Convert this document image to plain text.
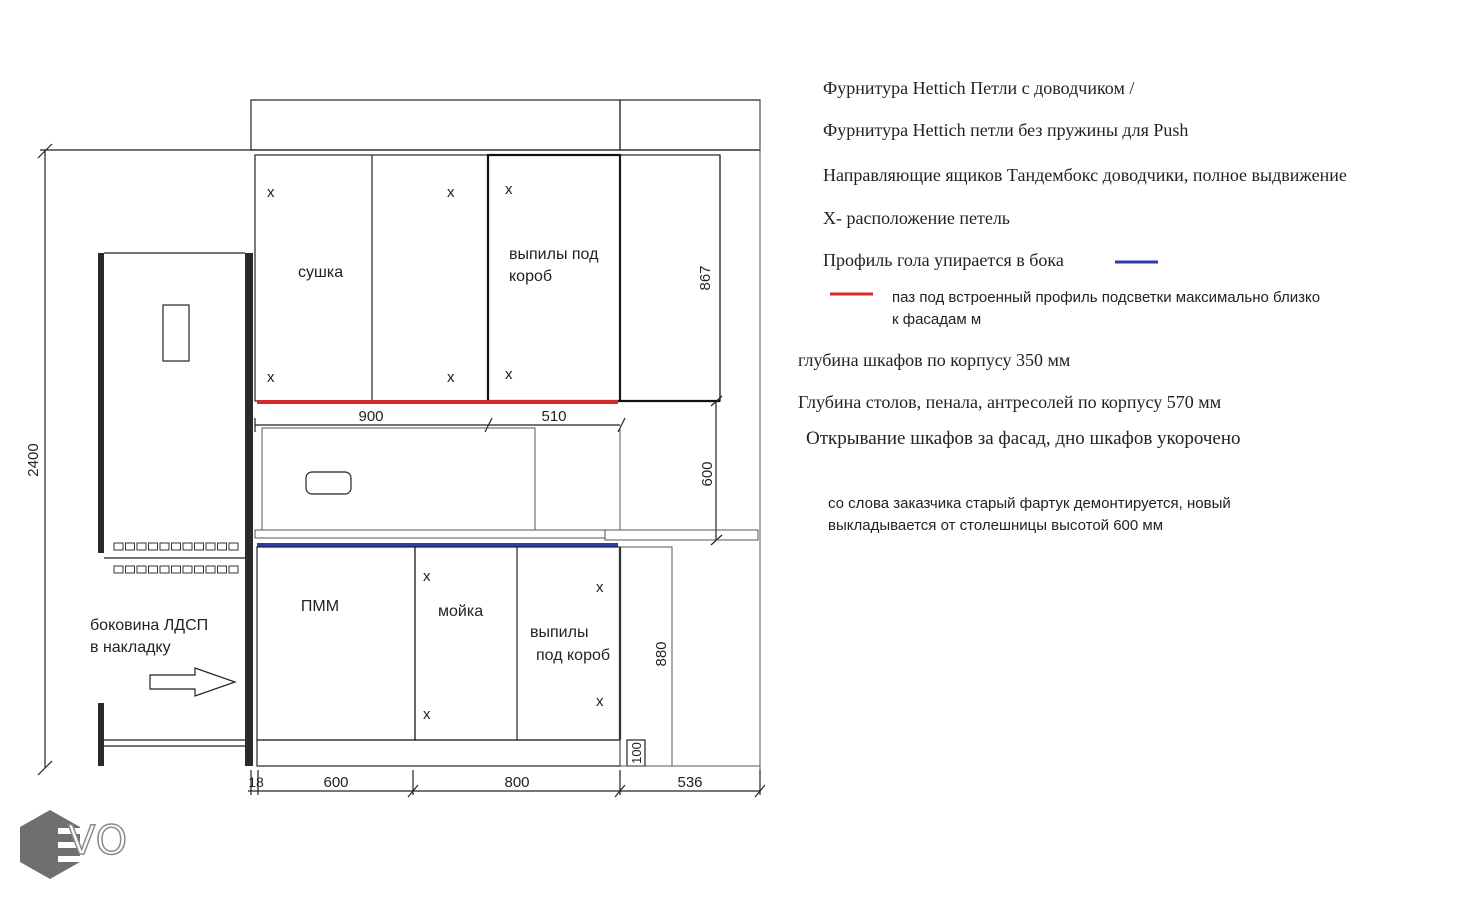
2400
боковина ЛДСП
в накладку
сушка
выпилы под
короб
x	x	x
x	x	x
867
900	510
600
ПММ	мойка
выпилы
под короб
x
x
x
x
880
100
18	600	800	536
Фурнитура Hettich Петли с доводчиком /
Фурнитура Hettich петли без пружины для Push
Направляющие ящиков Тандембокс доводчики, полное выдвижение
Х- расположение петель
Профиль гола упирается в бока
паз под встроенный профиль подсветки максимально близко
к фасадам м
глубина шкафов по корпусу 350 мм
Глубина столов, пенала, антресолей по корпусу 570 мм
Открывание шкафов за фасад, дно шкафов укорочено
со слова заказчика старый фартук демонтируется, новый
выкладывается от столешницы высотой 600 мм
VO
